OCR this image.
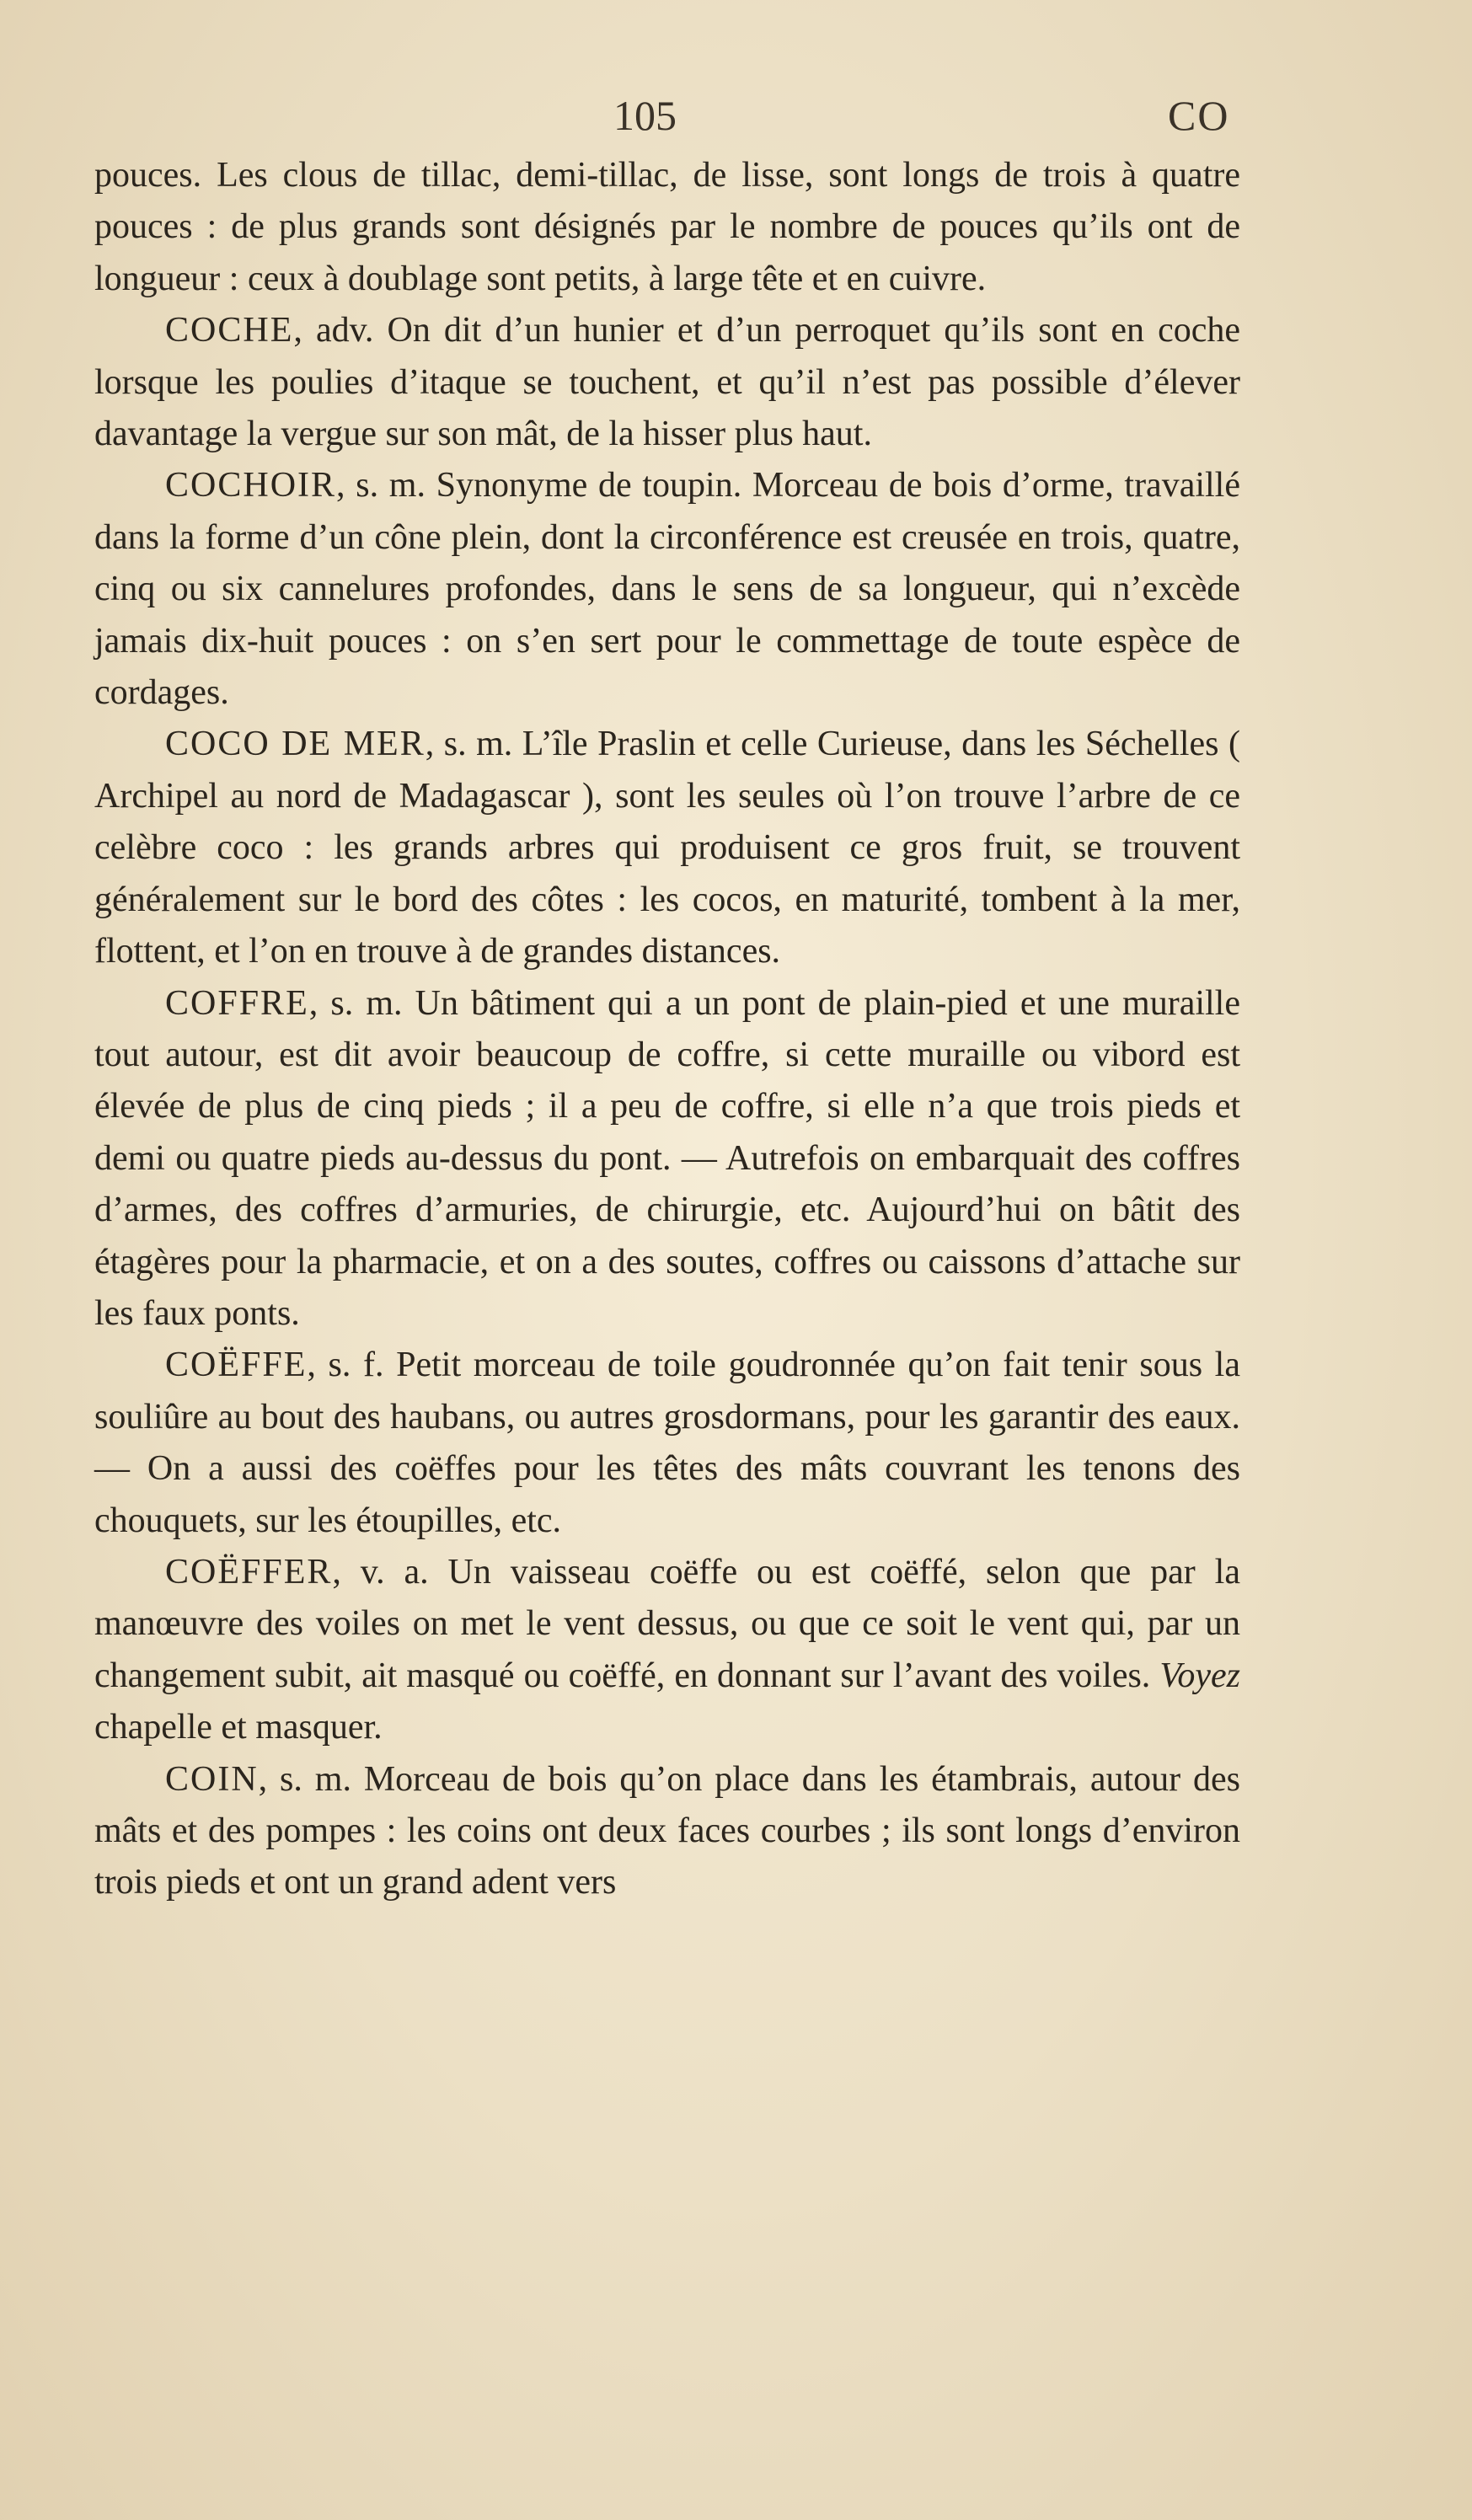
105	CO

pouces. Les clous de tillac, demi-tillac, de lisse, sont longs de trois à quatre pouces : de plus grands sont désignés par le nombre de pouces qu’ils ont de longueur : ceux à doublage sont petits, à large tête et en cuivre.

COCHE, adv. On dit d’un hunier et d’un perroquet qu’ils sont en coche lorsque les poulies d’itaque se touchent, et qu’il n’est pas possible d’élever davantage la vergue sur son mât, de la hisser plus haut.

COCHOIR, s. m. Synonyme de toupin. Morceau de bois d’orme, travaillé dans la forme d’un cône plein, dont la circonférence est creusée en trois, quatre, cinq ou six cannelures profondes, dans le sens de sa longueur, qui n’excède jamais dix-huit pouces : on s’en sert pour le commettage de toute espèce de cordages.

COCO DE MER, s. m. L’île Praslin et celle Curieuse, dans les Séchelles ( Archipel au nord de Madagascar ), sont les seules où l’on trouve l’arbre de ce celèbre coco : les grands arbres qui produisent ce gros fruit, se trouvent généralement sur le bord des côtes : les cocos, en maturité, tombent à la mer, flottent, et l’on en trouve à de grandes distances.

COFFRE, s. m. Un bâtiment qui a un pont de plain-pied et une muraille tout autour, est dit avoir beaucoup de coffre, si cette muraille ou vibord est élevée de plus de cinq pieds ; il a peu de coffre, si elle n’a que trois pieds et demi ou quatre pieds au-dessus du pont. — Autrefois on embarquait des coffres d’armes, des coffres d’armuries, de chirurgie, etc. Aujourd’hui on bâtit des étagères pour la pharmacie, et on a des soutes, coffres ou caissons d’attache sur les faux ponts.

COËFFE, s. f. Petit morceau de toile goudronnée qu’on fait tenir sous la souliûre au bout des haubans, ou autres grosdormans, pour les garantir des eaux. — On a aussi des coëffes pour les têtes des mâts couvrant les tenons des chouquets, sur les étoupilles, etc.

COËFFER, v. a. Un vaisseau coëffe ou est coëffé, selon que par la manœuvre des voiles on met le vent dessus, ou que ce soit le vent qui, par un changement subit, ait masqué ou coëffé, en donnant sur l’avant des voiles. Voyez chapelle et masquer.

COIN, s. m. Morceau de bois qu’on place dans les étambrais, autour des mâts et des pompes : les coins ont deux faces courbes ; ils sont longs d’environ trois pieds et ont un grand adent vers
